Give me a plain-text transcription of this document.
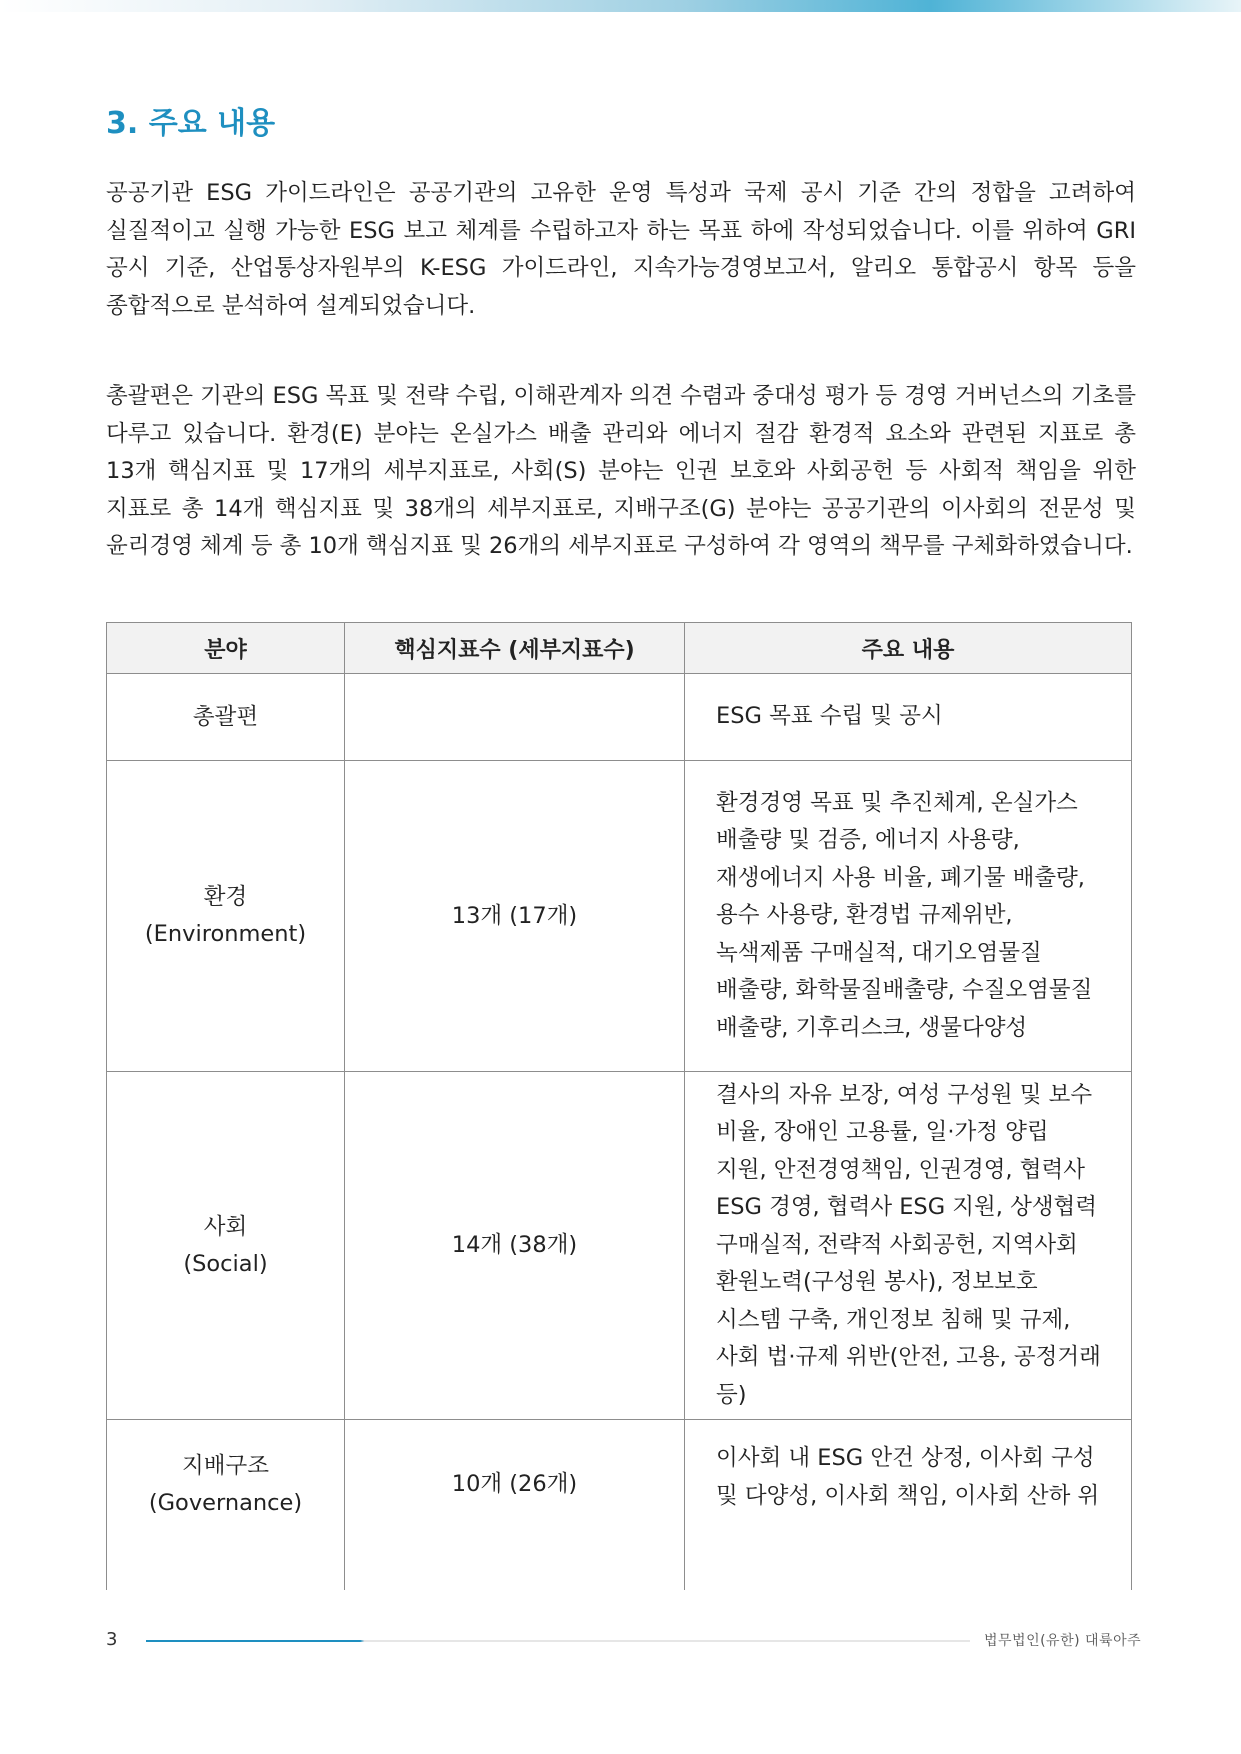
3. 주요 내용

공공기관 ESG 가이드라인은 공공기관의 고유한 운영 특성과 국제 공시 기준 간의 정합을 고려하여 실질적이고 실행 가능한 ESG 보고 체계를 수립하고자 하는 목표 하에 작성되었습니다. 이를 위하여 GRI 공시 기준, 산업통상자원부의 K-ESG 가이드라인, 지속가능경영보고서, 알리오 통합공시 항목 등을 종합적으로 분석하여 설계되었습니다.

총괄편은 기관의 ESG 목표 및 전략 수립, 이해관계자 의견 수렴과 중대성 평가 등 경영 거버넌스의 기초를 다루고 있습니다. 환경(E) 분야는 온실가스 배출 관리와 에너지 절감 환경적 요소와 관련된 지표로 총 13개 핵심지표 및 17개의 세부지표로, 사회(S) 분야는 인권 보호와 사회공헌 등 사회적 책임을 위한 지표로 총 14개 핵심지표 및 38개의 세부지표로, 지배구조(G) 분야는 공공기관의 이사회의 전문성 및 윤리경영 체계 등 총 10개 핵심지표 및 26개의 세부지표로 구성하여 각 영역의 책무를 구체화하였습니다.

분야	핵심지표수 (세부지표수)	주요 내용
총괄편		ESG 목표 수립 및 공시

환경
(Environment)	13개 (17개)	환경경영 목표 및 추진체계, 온실가스 배출량 및 검증, 에너지 사용량, 재생에너지 사용 비율, 폐기물 배출량, 용수 사용량, 환경법 규제위반, 녹색제품 구매실적, 대기오염물질 배출량, 화학물질배출량, 수질오염물질 배출량, 기후리스크, 생물다양성

사회
(Social)	14개 (38개)	결사의 자유 보장, 여성 구성원 및 보수 비율, 장애인 고용률, 일·가정 양립 지원, 안전경영책임, 인권경영, 협력사 ESG 경영, 협력사 ESG 지원, 상생협력 구매실적, 전략적 사회공헌, 지역사회 환원노력(구성원 봉사), 정보보호 시스템 구축, 개인정보 침해 및 규제, 사회 법·규제 위반(안전, 고용, 공정거래 등)

지배구조
(Governance)	10개 (26개)	이사회 내 ESG 안건 상정, 이사회 구성 및 다양성, 이사회 책임, 이사회 산하 위
3	법무법인(유한) 대륙아주
